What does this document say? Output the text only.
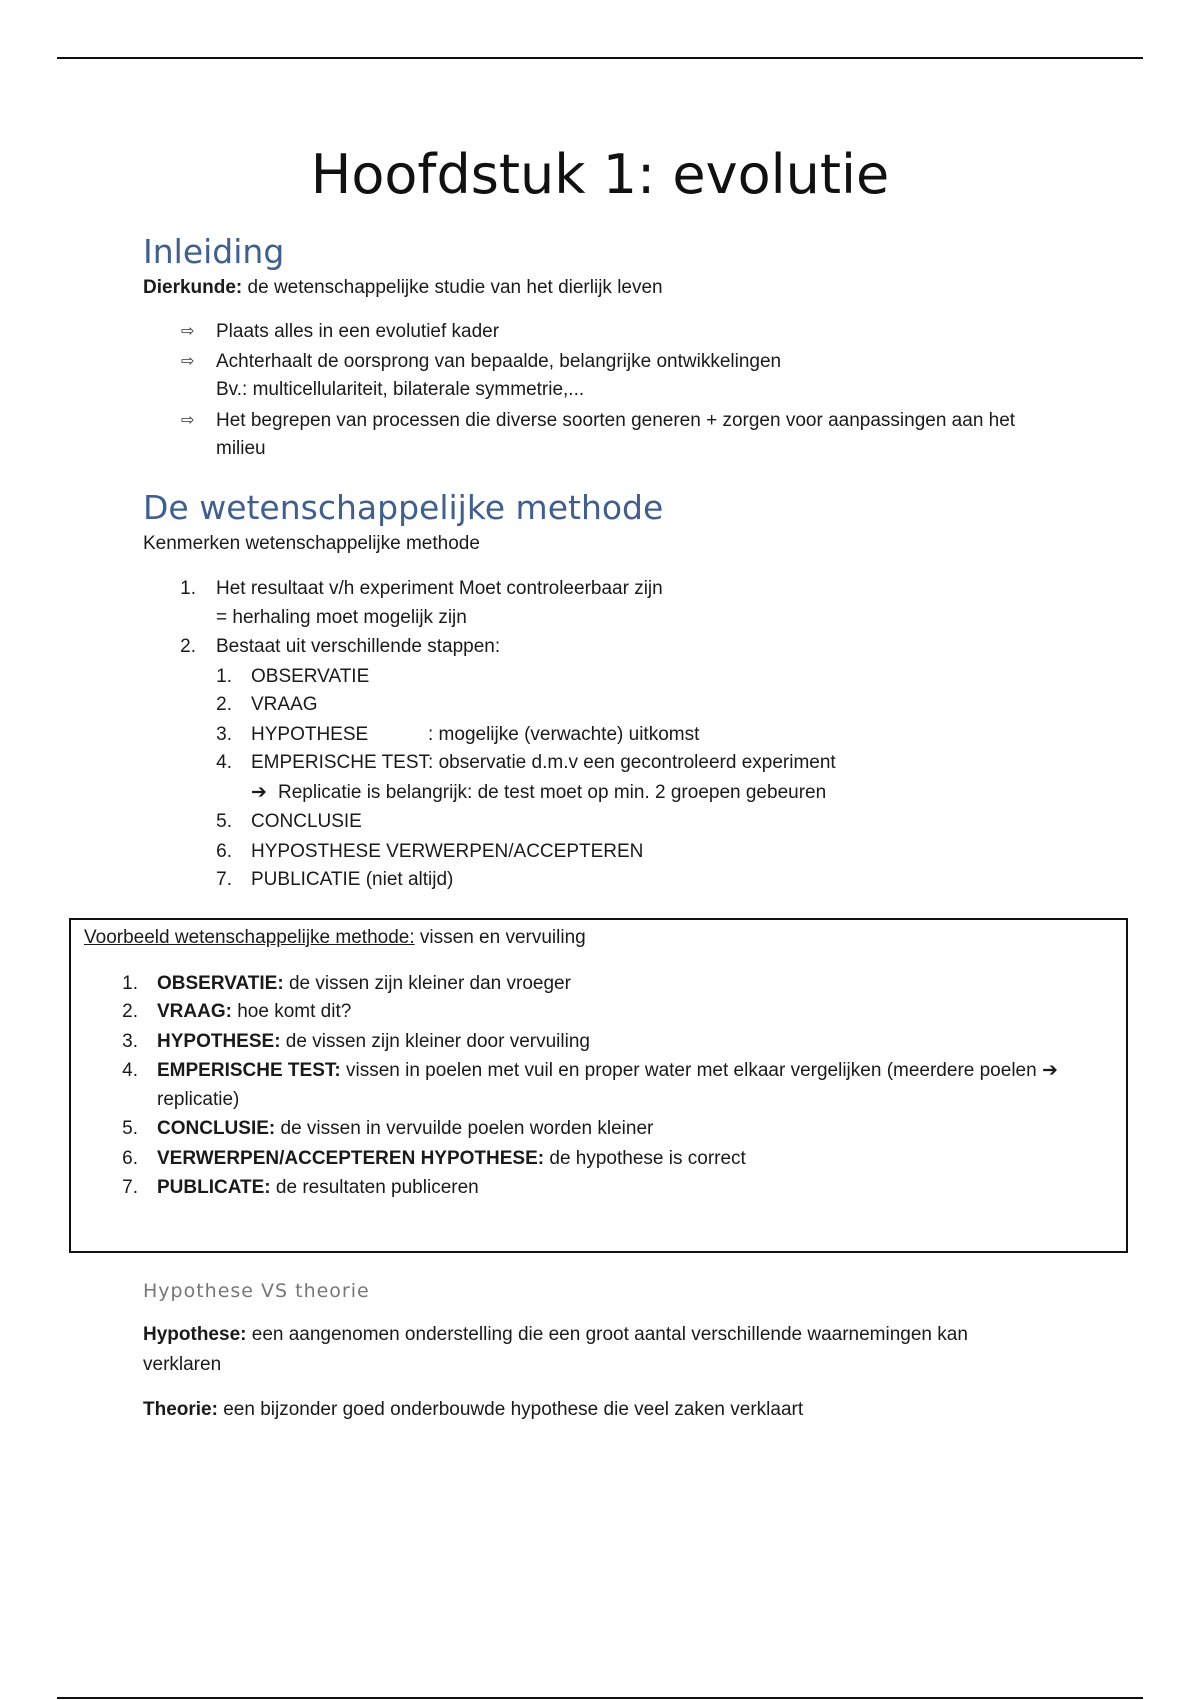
Hoofdstuk 1: evolutie
Inleiding
Dierkunde: de wetenschappelijke studie van het dierlijk leven
⇨ Plaats alles in een evolutief kader
⇨ Achterhaalt de oorsprong van bepaalde, belangrijke ontwikkelingen
Bv.: multicellulariteit, bilaterale symmetrie,...
⇨ Het begrepen van processen die diverse soorten generen + zorgen voor aanpassingen aan het
milieu
De wetenschappelijke methode
Kenmerken wetenschappelijke methode
1. Het resultaat v/h experiment Moet controleerbaar zijn
= herhaling moet mogelijk zijn
2. Bestaat uit verschillende stappen:
1. OBSERVATIE
2. VRAAG
3. HYPOTHESE	: mogelijke (verwachte) uitkomst
4. EMPERISCHE TEST: observatie d.m.v een gecontroleerd experiment
➔ Replicatie is belangrijk: de test moet op min. 2 groepen gebeuren
5. CONCLUSIE
6. HYPOSTHESE VERWERPEN/ACCEPTEREN
7. PUBLICATIE (niet altijd)
Voorbeeld wetenschappelijke methode: vissen en vervuiling
1. OBSERVATIE: de vissen zijn kleiner dan vroeger
2. VRAAG: hoe komt dit?
3. HYPOTHESE: de vissen zijn kleiner door vervuiling
4. EMPERISCHE TEST: vissen in poelen met vuil en proper water met elkaar vergelijken (meerdere poelen ➔
replicatie)
5. CONCLUSIE: de vissen in vervuilde poelen worden kleiner
6. VERWERPEN/ACCEPTEREN HYPOTHESE: de hypothese is correct
7. PUBLICATE: de resultaten publiceren
Hypothese VS theorie
Hypothese: een aangenomen onderstelling die een groot aantal verschillende waarnemingen kan
verklaren
Theorie: een bijzonder goed onderbouwde hypothese die veel zaken verklaart
